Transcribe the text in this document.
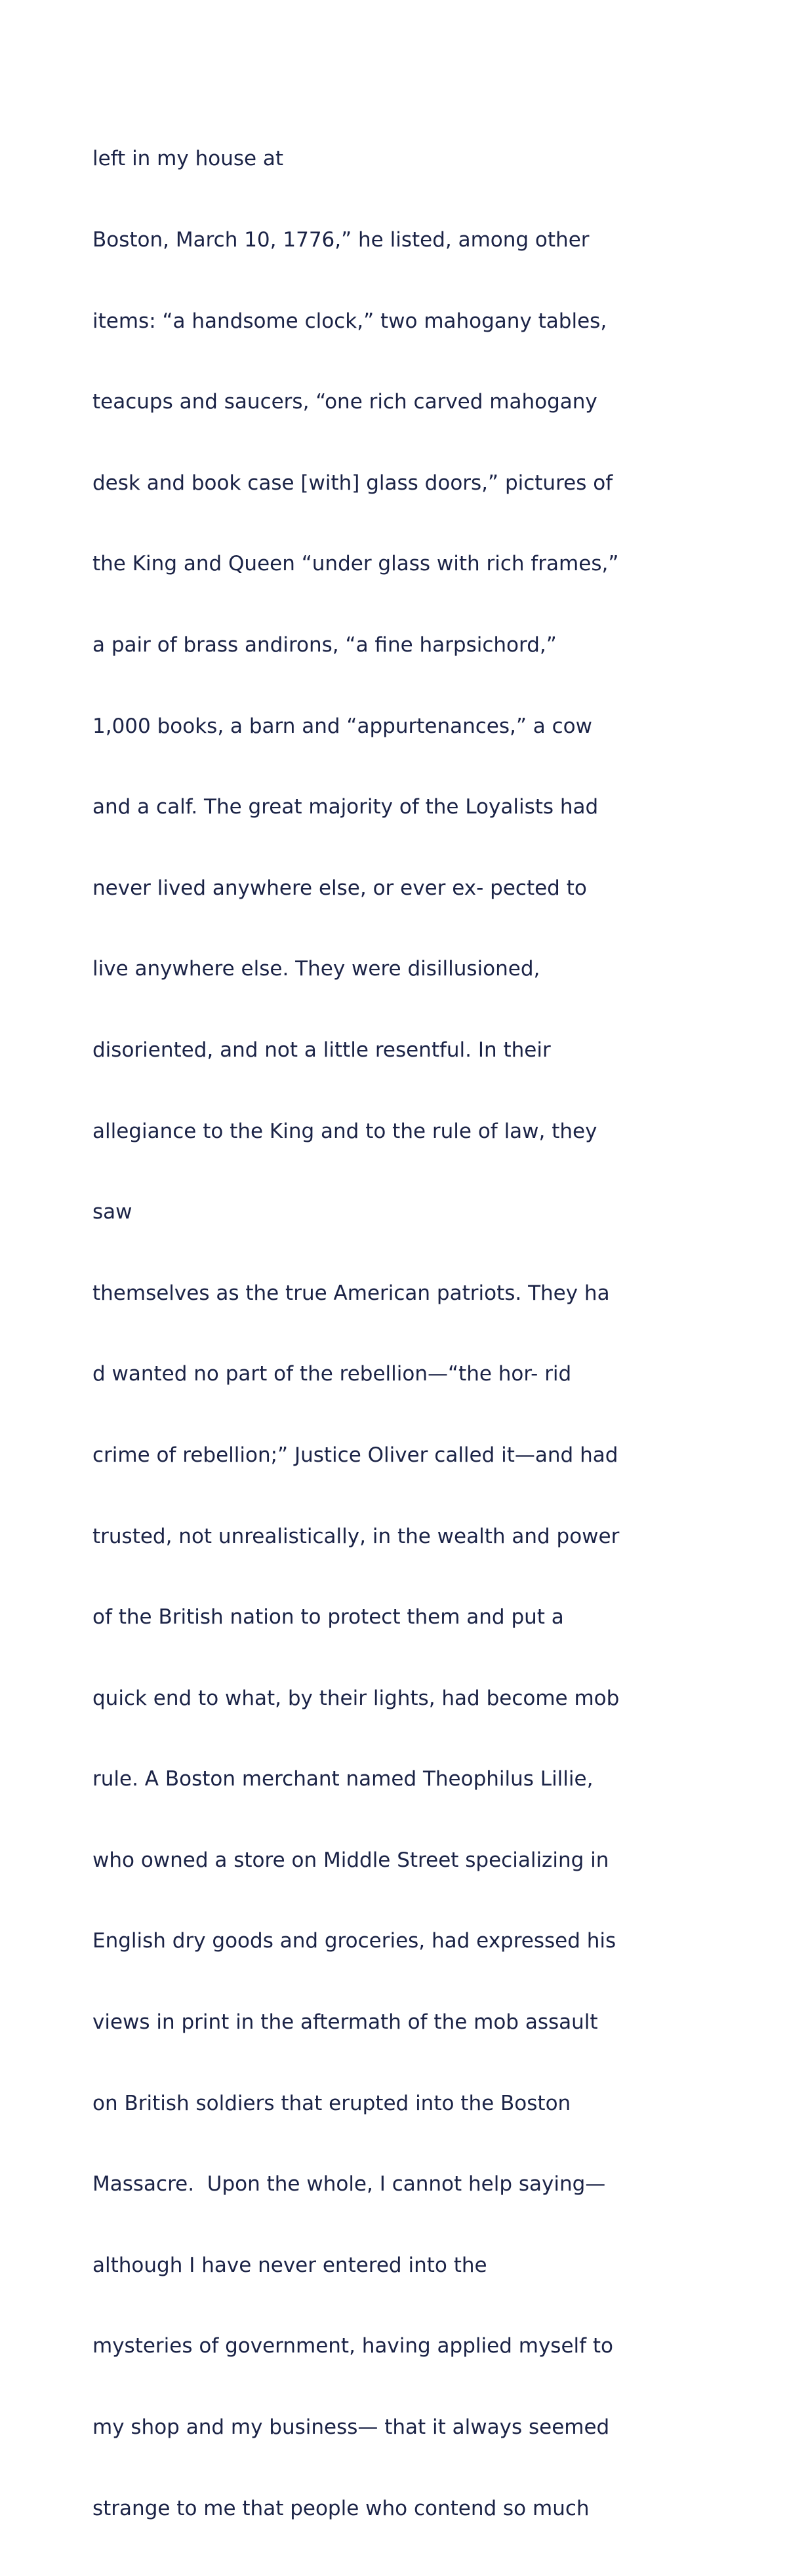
left in my house at

Boston, March 10, 1776,” he listed, among other

items: “a handsome clock,” two mahogany tables,

teacups and saucers, “one rich carved mahogany

desk and book case [with] glass doors,” pictures of

the King and Queen “under glass with rich frames,”

a pair of brass andirons, “a fine harpsichord,”

1,000 books, a barn and “appurtenances,” a cow

and a calf. The great majority of the Loyalists had

never lived anywhere else, or ever ex- pected to

live anywhere else. They were disillusioned,

disoriented, and not a little resentful. In their

allegiance to the King and to the rule of law, they

saw

themselves as the true American patriots. They ha

d wanted no part of the rebellion—“the hor- rid

crime of rebellion;” Justice Oliver called it—and had

trusted, not unrealistically, in the wealth and power

of the British nation to protect them and put a

quick end to what, by their lights, had become mob

rule. A Boston merchant named Theophilus Lillie,

who owned a store on Middle Street specializing in

English dry goods and groceries, had expressed his

views in print in the aftermath of the mob assault

on British soldiers that erupted into the Boston

Massacre.  Upon the whole, I cannot help saying—

although I have never entered into the

mysteries of government, having applied myself to

my shop and my business— that it always seemed

strange to me that people who contend so much
